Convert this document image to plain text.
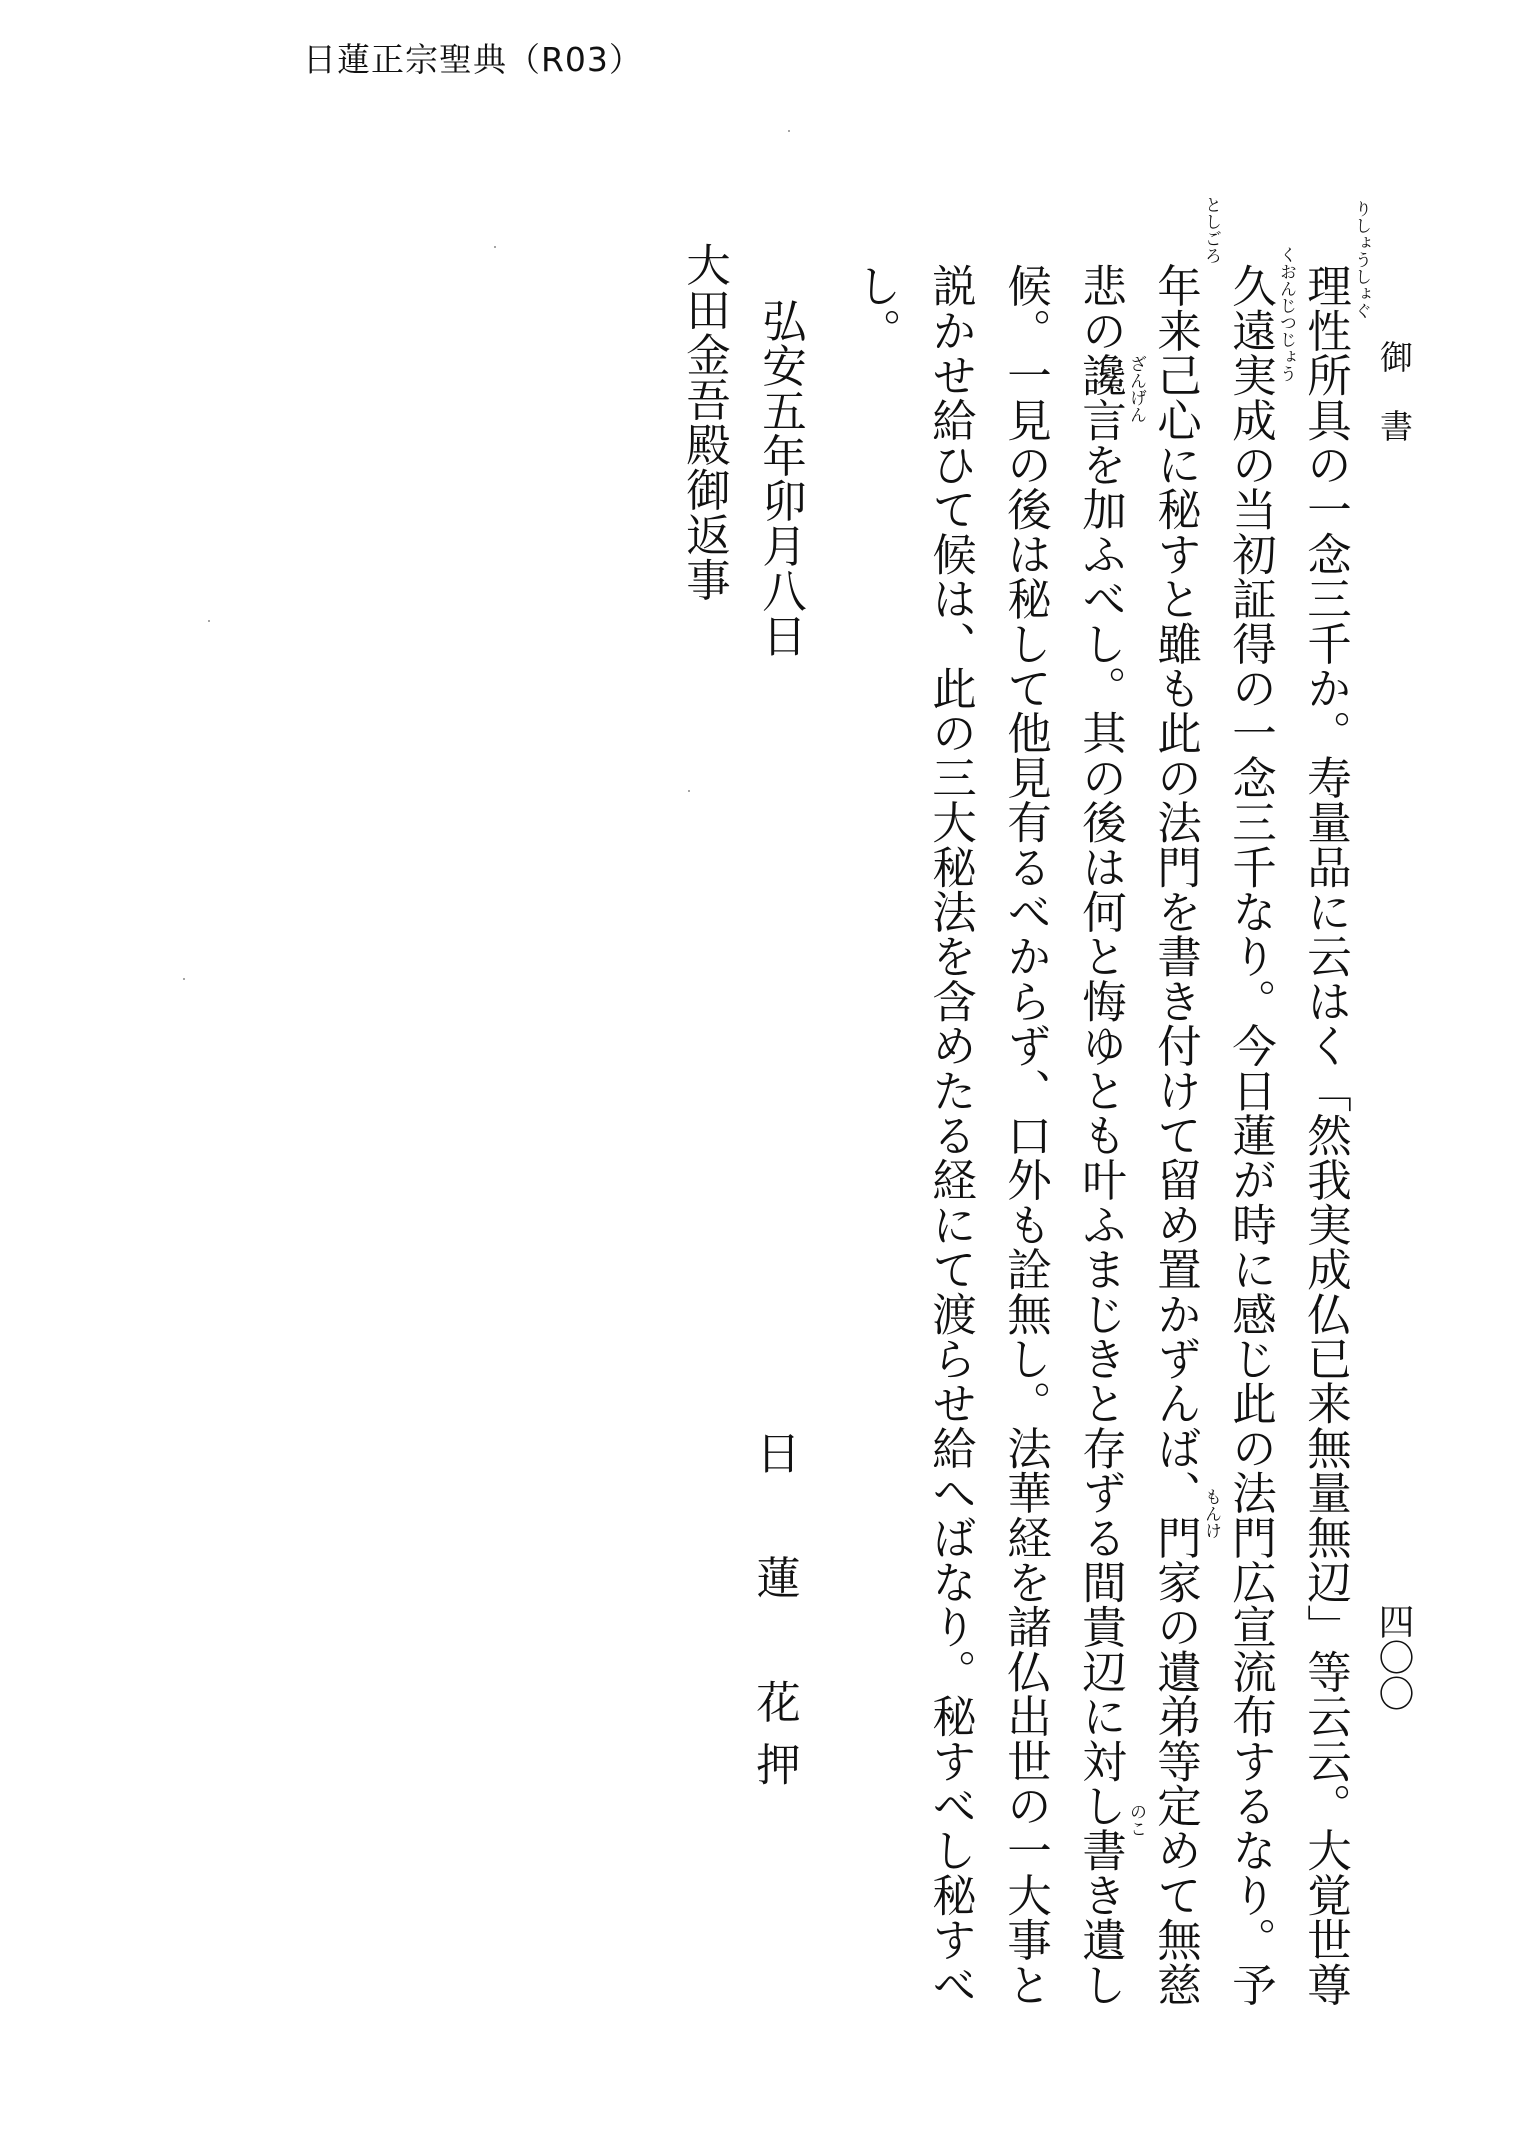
日蓮正宗聖典（R03）
御書
四〇〇
理性所具の一念三千か。寿量品に云はく「然我実成仏已来無量無辺」等云云。大覚世尊
久遠実成の当初証得の一念三千なり。今日蓮が時に感じ此の法門広宣流布するなり。予
年来己心に秘すと雖も此の法門を書き付けて留め置かずんば、門家の遺弟等定めて無慈
悲の讒言を加ふべし。其の後は何と悔ゆとも叶ふまじきと存ずる間貴辺に対し書き遺し
候。一見の後は秘して他見有るべからず、口外も詮無し。法華経を諸仏出世の一大事と
説かせ給ひて候は、此の三大秘法を含めたる経にて渡らせ給へばなり。秘すべし秘すべ
し。	りしょうしょぐ
くおんじつじょう
としごろ
ざんげん
もんけ
のこ
弘安五年卯月八日
日蓮花押
大田金吾殿御返事
